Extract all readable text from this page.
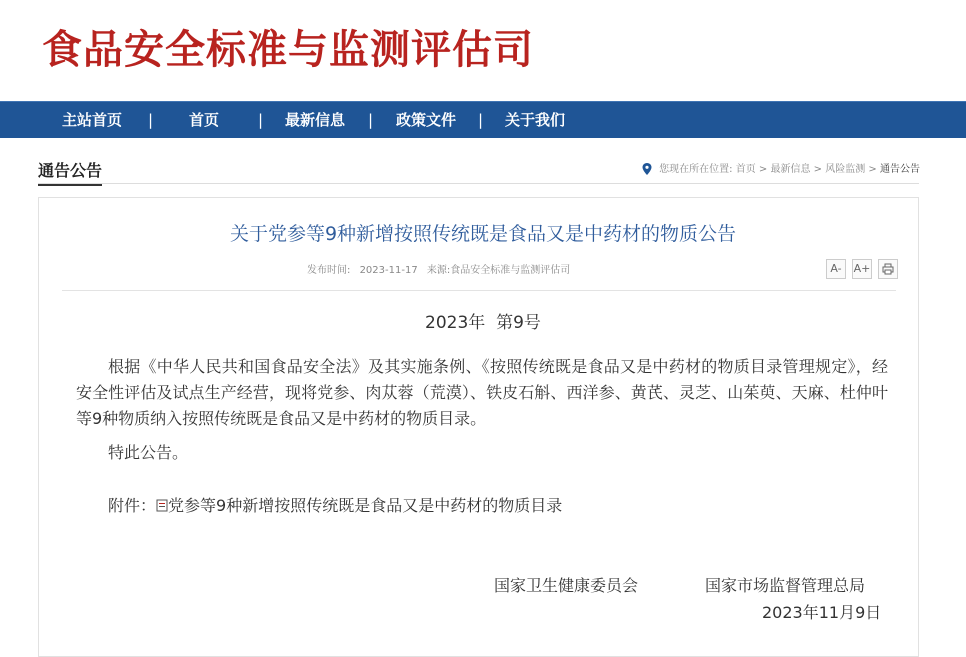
食品安全标准与监测评估司
主站首页 | 首页	| 最新信息 | 政策文件 | 关于我们
通告公告	您现在所在位置: 首页 > 最新信息 > 风险监测 > 通告公告
关于党参等9种新增按照传统既是食品又是中药材的物质公告
发布时间: 2023-11-17 来源:食品安全标准与监测评估司	A-	A+
2023年  第9号

根据《中华人民共和国食品安全法》及其实施条例、《按照传统既是食品又是中药材的物质目录管理规定》，经安全性评估及试点生产经营，现将党参、肉苁蓉（荒漠）、铁皮石斛、西洋参、黄芪、灵芝、山茱萸、天麻、杜仲叶等9种物质纳入按照传统既是食品又是中药材的物质目录。

特此公告。
附件： 党参等9种新增按照传统既是食品又是中药材的物质目录
国家卫生健康委员会	国家市场监督管理总局
2023年11月9日
